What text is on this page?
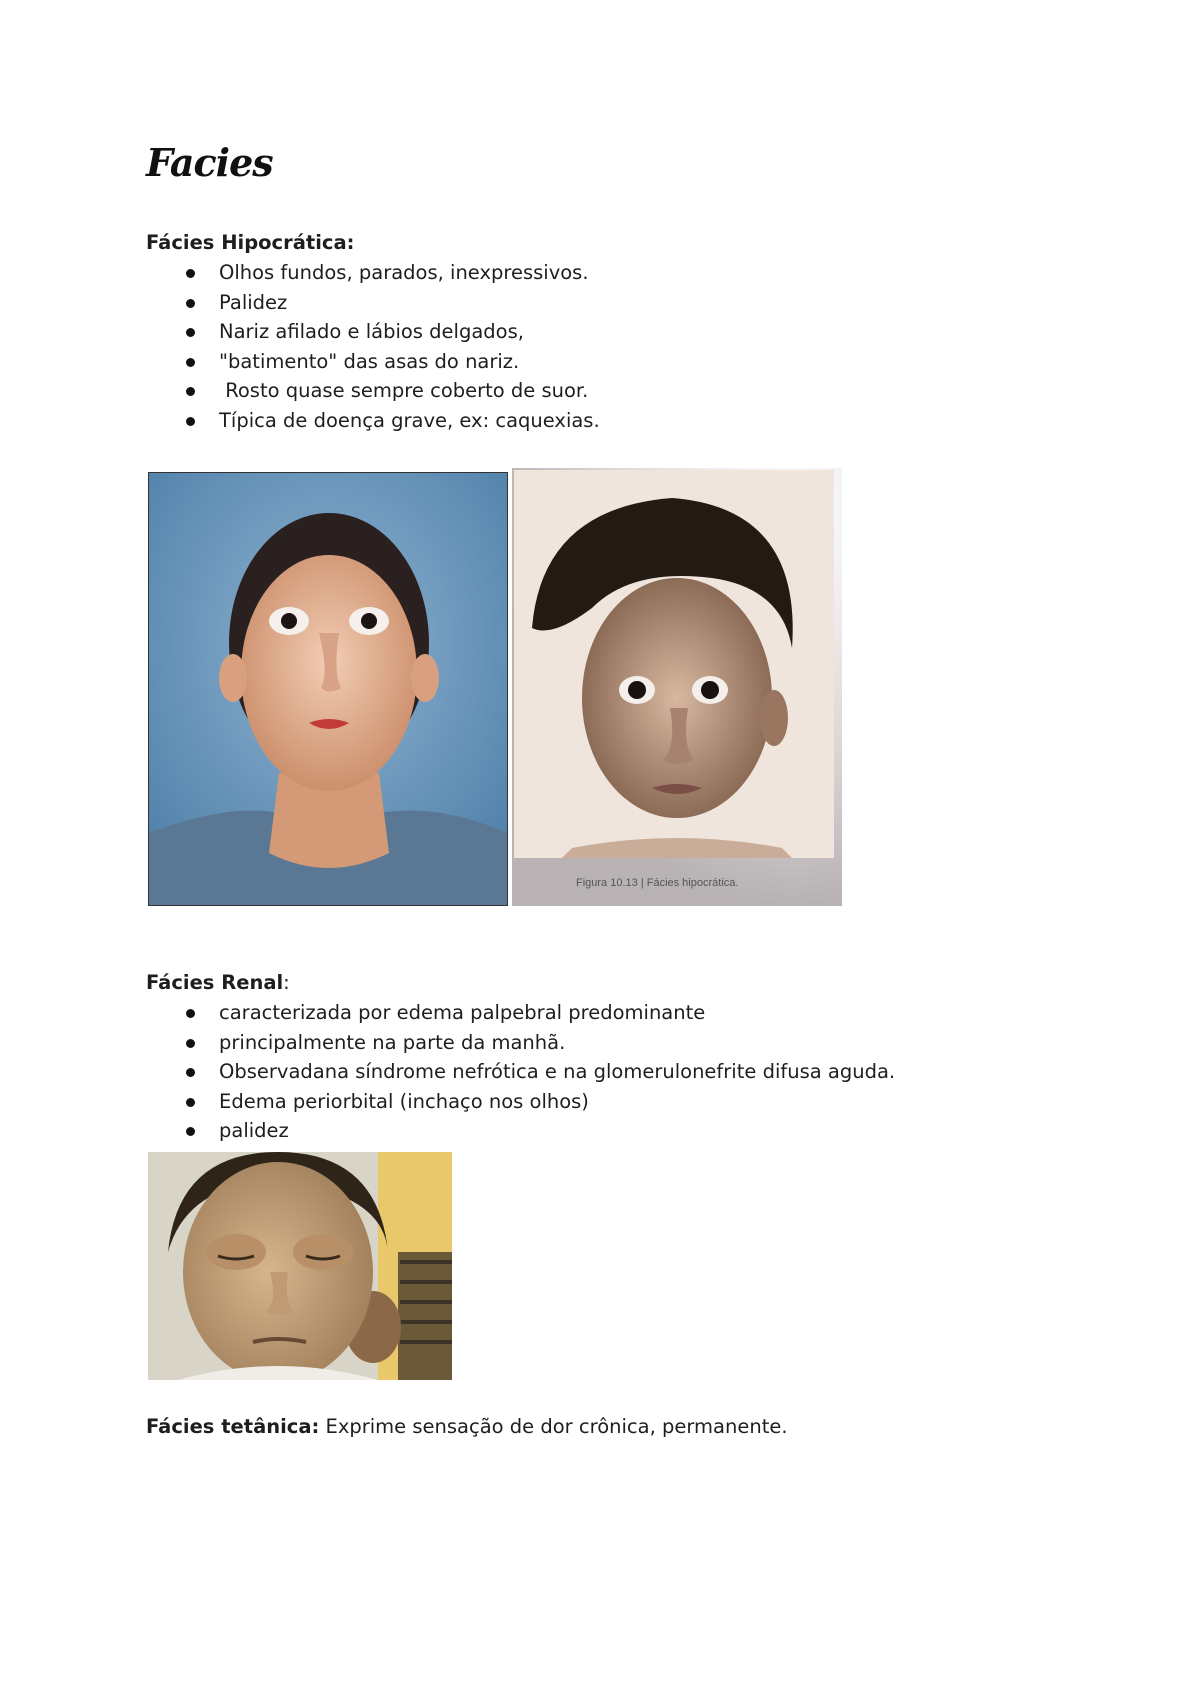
Facies

Fácies Hipocrática:

Olhos fundos, parados, inexpressivos.
Palidez
Nariz afilado e lábios delgados,
"batimento" das asas do nariz.
Rosto quase sempre coberto de suor.
Típica de doença grave, ex: caquexias.
Figura 10.13 | Fácies hipocrática.

Fácies Renal:

caracterizada por edema palpebral predominante
principalmente na parte da manhã.
Observadana síndrome nefrótica e na glomerulonefrite difusa aguda.
Edema periorbital (inchaço nos olhos)
palidez

Fácies tetânica: Exprime sensação de dor crônica, permanente.
